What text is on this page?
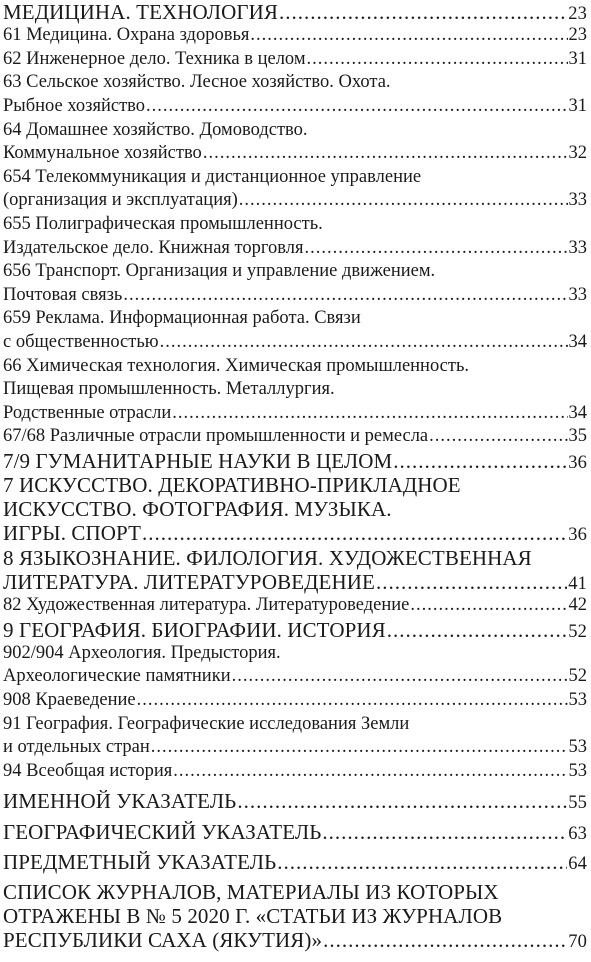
МЕДИЦИНА. ТЕХНОЛОГИЯ .....	23
61 Медицина. Охрана здоровья .....	23
62 Инженерное дело. Техника в целом .....	31
63 Сельское хозяйство. Лесное хозяйство. Охота.
Рыбное хозяйство .....	31
64 Домашнее хозяйство. Домоводство.
Коммунальное хозяйство .....	32
654 Телекоммуникация и дистанционное управление
(организация и эксплуатация) .....	33
655 Полиграфическая промышленность.
Издательское дело. Книжная торговля .....	33
656 Транспорт. Организация и управление движением.
Почтовая связь .....	33
659 Реклама. Информационная работа. Связи
с общественностью .....	34
66 Химическая технология. Химическая промышленность.
Пищевая промышленность. Металлургия.
Родственные отрасли .....	34
67/68 Различные отрасли промышленности и ремесла .....	35
7/9 ГУМАНИТАРНЫЕ НАУКИ В ЦЕЛОМ .....	36
7 ИСКУССТВО. ДЕКОРАТИВНО-ПРИКЛАДНОЕ
ИСКУССТВО. ФОТОГРАФИЯ. МУЗЫКА.
ИГРЫ. СПОРТ .....	36
8 ЯЗЫКОЗНАНИЕ. ФИЛОЛОГИЯ. ХУДОЖЕСТВЕННАЯ
ЛИТЕРАТУРА. ЛИТЕРАТУРОВЕДЕНИЕ .....	41
82 Художественная литература. Литературоведение .....	42
9 ГЕОГРАФИЯ. БИОГРАФИИ. ИСТОРИЯ .....	52
902/904 Археология. Предыстория.
Археологические памятники .....	52
908 Краеведение .....	53
91 География. Географические исследования Земли
и отдельных стран .....	53
94 Всеобщая история .....	53
ИМЕННОЙ УКАЗАТЕЛЬ .....	55
ГЕОГРАФИЧЕСКИЙ УКАЗАТЕЛЬ .....	63
ПРЕДМЕТНЫЙ УКАЗАТЕЛЬ .....	64
СПИСОК ЖУРНАЛОВ, МАТЕРИАЛЫ ИЗ КОТОРЫХ
ОТРАЖЕНЫ В № 5 2020 Г. «СТАТЬИ ИЗ ЖУРНАЛОВ
РЕСПУБЛИКИ САХА (ЯКУТИЯ)» .....	70
